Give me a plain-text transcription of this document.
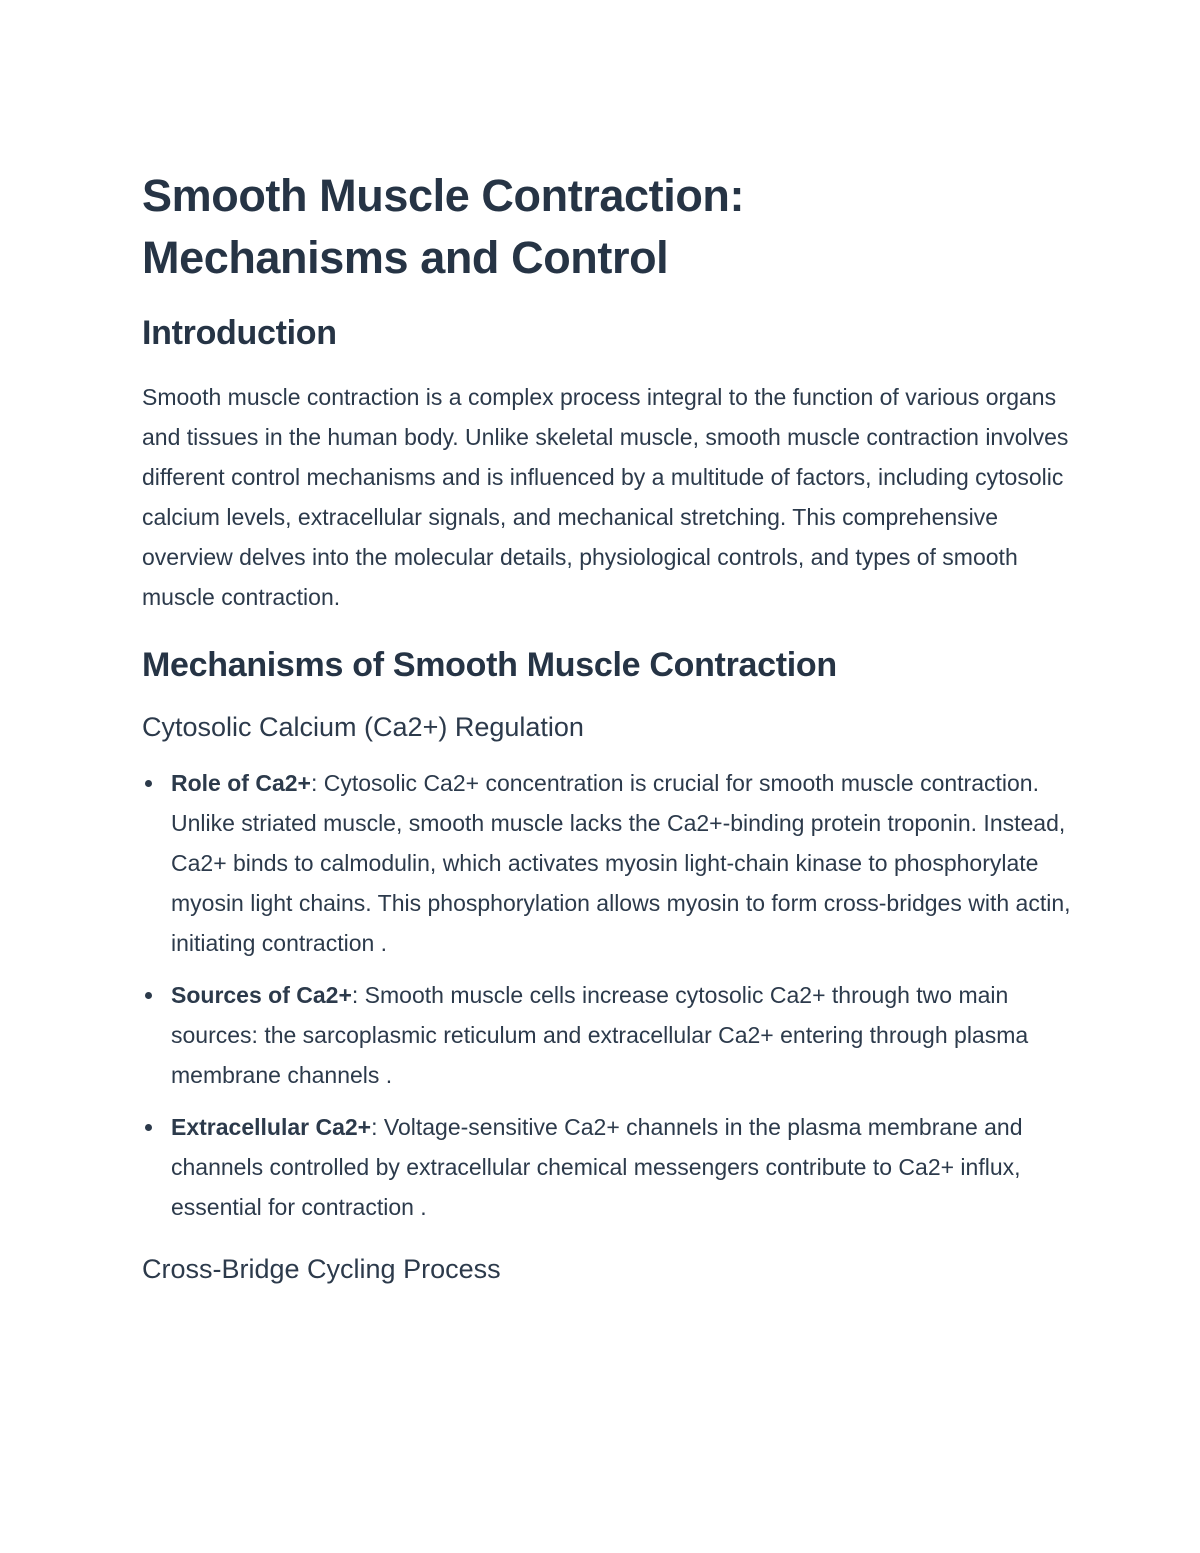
Smooth Muscle Contraction:
Mechanisms and Control
Introduction

Smooth muscle contraction is a complex process integral to the function of various organs and tissues in the human body. Unlike skeletal muscle, smooth muscle contraction involves different control mechanisms and is influenced by a multitude of factors, including cytosolic calcium levels, extracellular signals, and mechanical stretching. This comprehensive overview delves into the molecular details, physiological controls, and types of smooth muscle contraction.

Mechanisms of Smooth Muscle Contraction
Cytosolic Calcium (Ca2+) Regulation
Role of Ca2+: Cytosolic Ca2+ concentration is crucial for smooth muscle contraction. Unlike striated muscle, smooth muscle lacks the Ca2+-binding protein troponin. Instead, Ca2+ binds to calmodulin, which activates myosin light-chain kinase to phosphorylate myosin light chains. This phosphorylation allows myosin to form cross-bridges with actin, initiating contraction .
Sources of Ca2+: Smooth muscle cells increase cytosolic Ca2+ through two main sources: the sarcoplasmic reticulum and extracellular Ca2+ entering through plasma membrane channels .
Extracellular Ca2+: Voltage-sensitive Ca2+ channels in the plasma membrane and channels controlled by extracellular chemical messengers contribute to Ca2+ influx, essential for contraction .
Cross-Bridge Cycling Process
